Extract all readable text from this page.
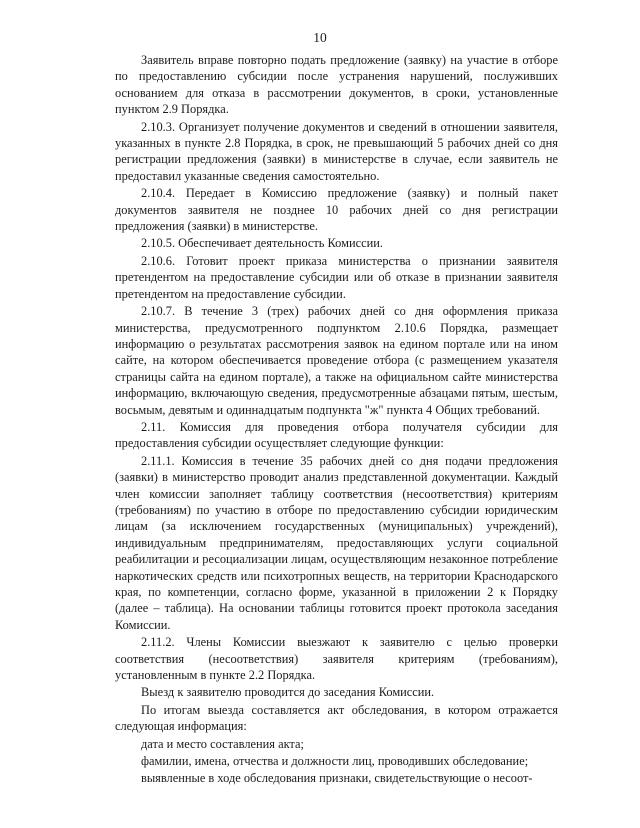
10

Заявитель вправе повторно подать предложение (заявку) на участие в отборе по предоставлению субсидии после устранения нарушений, послуживших основанием для отказа в рассмотрении документов, в сроки, установленные пунктом 2.9 Порядка.

2.10.3. Организует получение документов и сведений в отношении заявителя, указанных в пункте 2.8 Порядка, в срок, не превышающий 5 рабочих дней со дня регистрации предложения (заявки) в министерстве в случае, если заявитель не предоставил указанные сведения самостоятельно.

2.10.4. Передает в Комиссию предложение (заявку) и полный пакет документов заявителя не позднее 10 рабочих дней со дня регистрации предложения (заявки) в министерстве.

2.10.5. Обеспечивает деятельность Комиссии.

2.10.6. Готовит проект приказа министерства о признании заявителя претендентом на предоставление субсидии или об отказе в признании заявителя претендентом на предоставление субсидии.

2.10.7. В течение 3 (трех) рабочих дней со дня оформления приказа министерства, предусмотренного подпунктом 2.10.6 Порядка, размещает информацию о результатах рассмотрения заявок на едином портале или на ином сайте, на котором обеспечивается проведение отбора (с размещением указателя страницы сайта на едином портале), а также на официальном сайте министерства информацию, включающую сведения, предусмотренные абзацами пятым, шестым, восьмым, девятым и одиннадцатым подпункта "ж" пункта 4 Общих требований.

2.11. Комиссия для проведения отбора получателя субсидии для предоставления субсидии осуществляет следующие функции:

2.11.1. Комиссия в течение 35 рабочих дней со дня подачи предложения (заявки) в министерство проводит анализ представленной документации. Каждый член комиссии заполняет таблицу соответствия (несоответствия) критериям (требованиям) по участию в отборе по предоставлению субсидии юридическим лицам (за исключением государственных (муниципальных) учреждений), индивидуальным предпринимателям, предоставляющих услуги социальной реабилитации и ресоциализации лицам, осуществляющим незаконное потребление наркотических средств или психотропных веществ, на территории Краснодарского края, по компетенции, согласно форме, указанной в приложении 2 к Порядку (далее – таблица). На основании таблицы готовится проект протокола заседания Комиссии.

2.11.2. Члены Комиссии выезжают к заявителю с целью проверки соответствия (несоответствия) заявителя критериям (требованиям), установленным в пункте 2.2 Порядка.

Выезд к заявителю проводится до заседания Комиссии.

По итогам выезда составляется акт обследования, в котором отражается следующая информация:

дата и место составления акта;

фамилии, имена, отчества и должности лиц, проводивших обследование;

выявленные в ходе обследования признаки, свидетельствующие о несоот-
